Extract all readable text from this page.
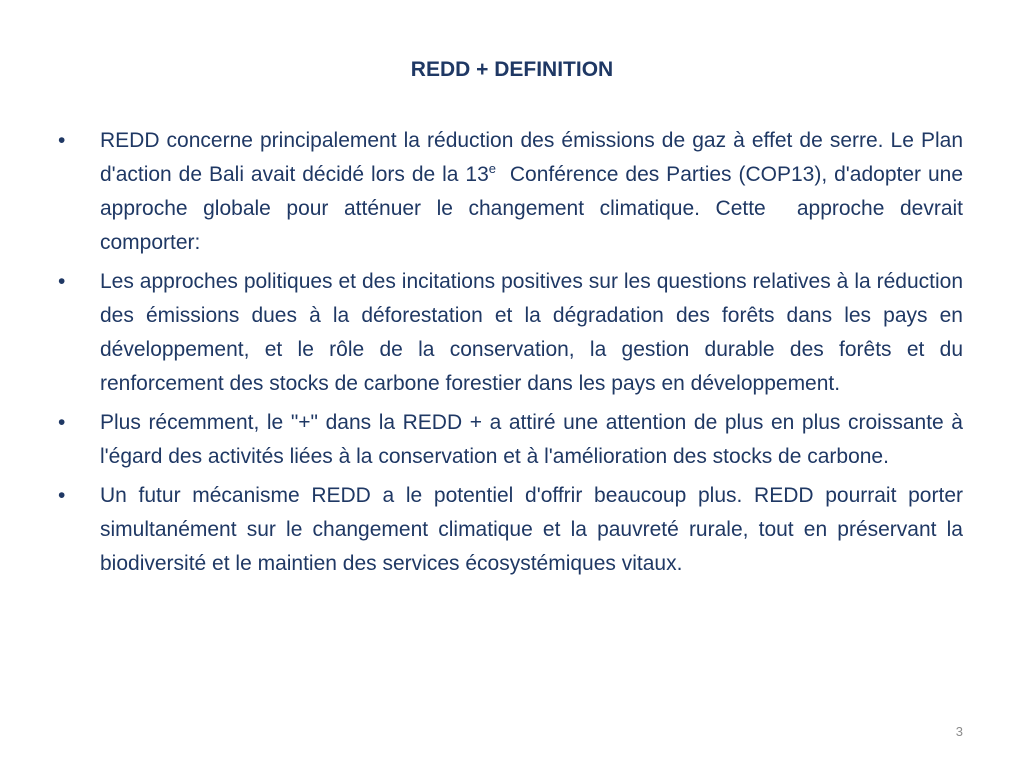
REDD + DEFINITION
•	REDD concerne principalement la réduction des émissions de gaz à effet de serre. Le Plan d'action de Bali avait décidé lors de la 13e  Conférence des Parties (COP13), d'adopter une approche globale pour atténuer le changement climatique. Cette  approche devrait comporter:
•	Les approches politiques et des incitations positives sur les questions relatives à la réduction des émissions dues à la déforestation et la dégradation des forêts dans les pays en développement, et le rôle de la conservation, la gestion durable des forêts et du renforcement des stocks de carbone forestier dans les pays en développement.
•	Plus récemment, le "+" dans la REDD + a attiré une attention de plus en plus croissante à l'égard des activités liées à la conservation et à l'amélioration des stocks de carbone.
•	Un futur mécanisme REDD a le potentiel d'offrir beaucoup plus. REDD pourrait porter simultanément sur le changement climatique et la pauvreté rurale, tout en préservant la biodiversité et le maintien des services écosystémiques vitaux.
3
